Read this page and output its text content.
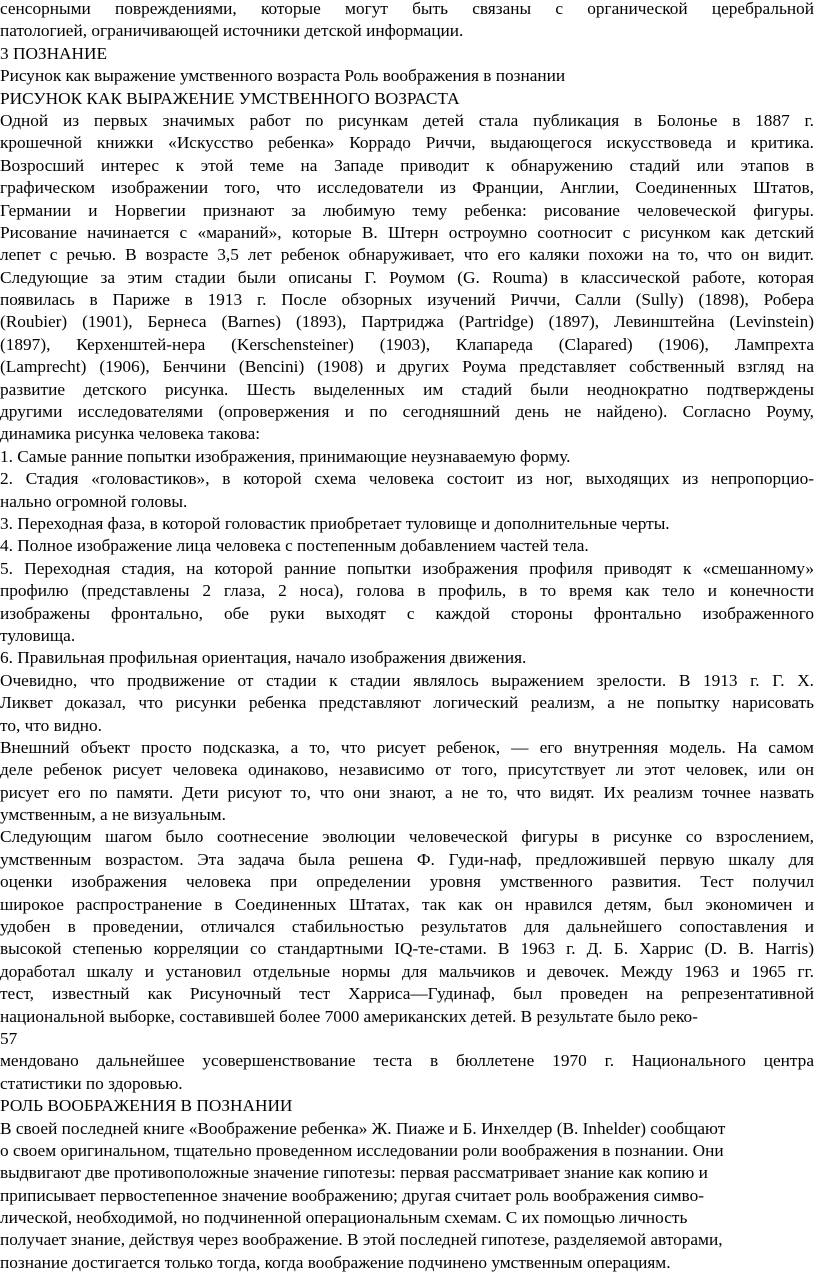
сенсорными повреждениями, которые могут быть связаны с органической церебральной
патологией, ограничивающей источники детской информации.
3 ПОЗНАНИЕ
Рисунок как выражение умственного возраста Роль воображения в познании
РИСУНОК КАК ВЫРАЖЕНИЕ УМСТВЕННОГО ВОЗРАСТА
Одной из первых значимых работ по рисункам детей стала публикация в Болонье в 1887 г.
крошечной книжки «Искусство ребенка» Коррадо Риччи, выдающегося искусствоведа и критика.
Возросший интерес к этой теме на Западе приводит к обнаружению стадий или этапов в
графическом изображении того, что исследователи из Франции, Англии, Соединенных Штатов,
Германии и Норвегии признают за любимую тему ребенка: рисование человеческой фигуры.
Рисование начинается с «мараний», которые В. Штерн остроумно соотносит с рисунком как детский
лепет с речью. В возрасте 3,5 лет ребенок обнаруживает, что его каляки похожи на то, что он видит.
Следующие за этим стадии были описаны Г. Роумом (G. Rouma) в классической работе, которая
появилась в Париже в 1913 г. После обзорных изучений Риччи, Салли (Sully) (1898), Робера
(Roubier) (1901), Бернеса (Barnes) (1893), Партриджа (Partridge) (1897), Левинштейна (Levinstein)
(1897), Керхенштей-нера (Kerschensteiner) (1903), Клапареда (Clapared) (1906), Лампрехта
(Lamprecht) (1906), Бенчини (Bencini) (1908) и других Роума представляет собственный взгляд на
развитие детского рисунка. Шесть выделенных им стадий были неоднократно подтверждены
другими исследователями (опровержения и по сегодняшний день не найдено). Согласно Роуму,
динамика рисунка человека такова:
1. Самые ранние попытки изображения, принимающие неузнаваемую форму.
2. Стадия «головастиков», в которой схема человека состоит из ног, выходящих из непропорцио-
нально огромной головы.
3. Переходная фаза, в которой головастик приобретает туловище и дополнительные черты.
4. Полное изображение лица человека с постепенным добавлением частей тела.
5. Переходная стадия, на которой ранние попытки изображения профиля приводят к «смешанному»
профилю (представлены 2 глаза, 2 носа), голова в профиль, в то время как тело и конечности
изображены фронтально, обе руки выходят с каждой стороны фронтально изображенного
туловища.
6. Правильная профильная ориентация, начало изображения движения.
Очевидно, что продвижение от стадии к стадии являлось выражением зрелости. В 1913 г. Г. Х.
Ликвет доказал, что рисунки ребенка представляют логический реализм, а не попытку нарисовать
то, что видно.
Внешний объект просто подсказка, а то, что рисует ребенок, — его внутренняя модель. На самом
деле ребенок рисует человека одинаково, независимо от того, присутствует ли этот человек, или он
рисует его по памяти. Дети рисуют то, что они знают, а не то, что видят. Их реализм точнее назвать
умственным, а не визуальным.
Следующим шагом было соотнесение эволюции человеческой фигуры в рисунке со взрослением,
умственным возрастом. Эта задача была решена Ф. Гуди-наф, предложившей первую шкалу для
оценки изображения человека при определении уровня умственного развития. Тест получил
широкое распространение в Соединенных Штатах, так как он нравился детям, был экономичен и
удобен в проведении, отличался стабильностью результатов для дальнейшего сопоставления и
высокой степенью корреляции со стандартными IQ-те-стами. В 1963 г. Д. Б. Харрис (D. B. Harris)
доработал шкалу и установил отдельные нормы для мальчиков и девочек. Между 1963 и 1965 гг.
тест, известный как Рисуночный тест Харриса—Гудинаф, был проведен на репрезентативной
национальной выборке, составившей более 7000 американских детей. В результате было реко-
57
мендовано дальнейшее усовершенствование теста в бюллетене 1970 г. Национального центра
статистики по здоровью.
РОЛЬ ВООБРАЖЕНИЯ В ПОЗНАНИИ
В своей последней книге «Воображение ребенка» Ж. Пиаже и Б. Инхелдер (B. Inhelder) сообщают
о своем оригинальном, тщательно проведенном исследовании роли воображения в познании. Они
выдвигают две противоположные значение гипотезы: первая рассматривает знание как копию и
приписывает первостепенное значение воображению; другая считает роль воображения симво-
лической, необходимой, но подчиненной операциональным схемам. С их помощью личность
получает знание, действуя через воображение. В этой последней гипотезе, разделяемой авторами,
познание достигается только тогда, когда воображение подчинено умственным операциям.
